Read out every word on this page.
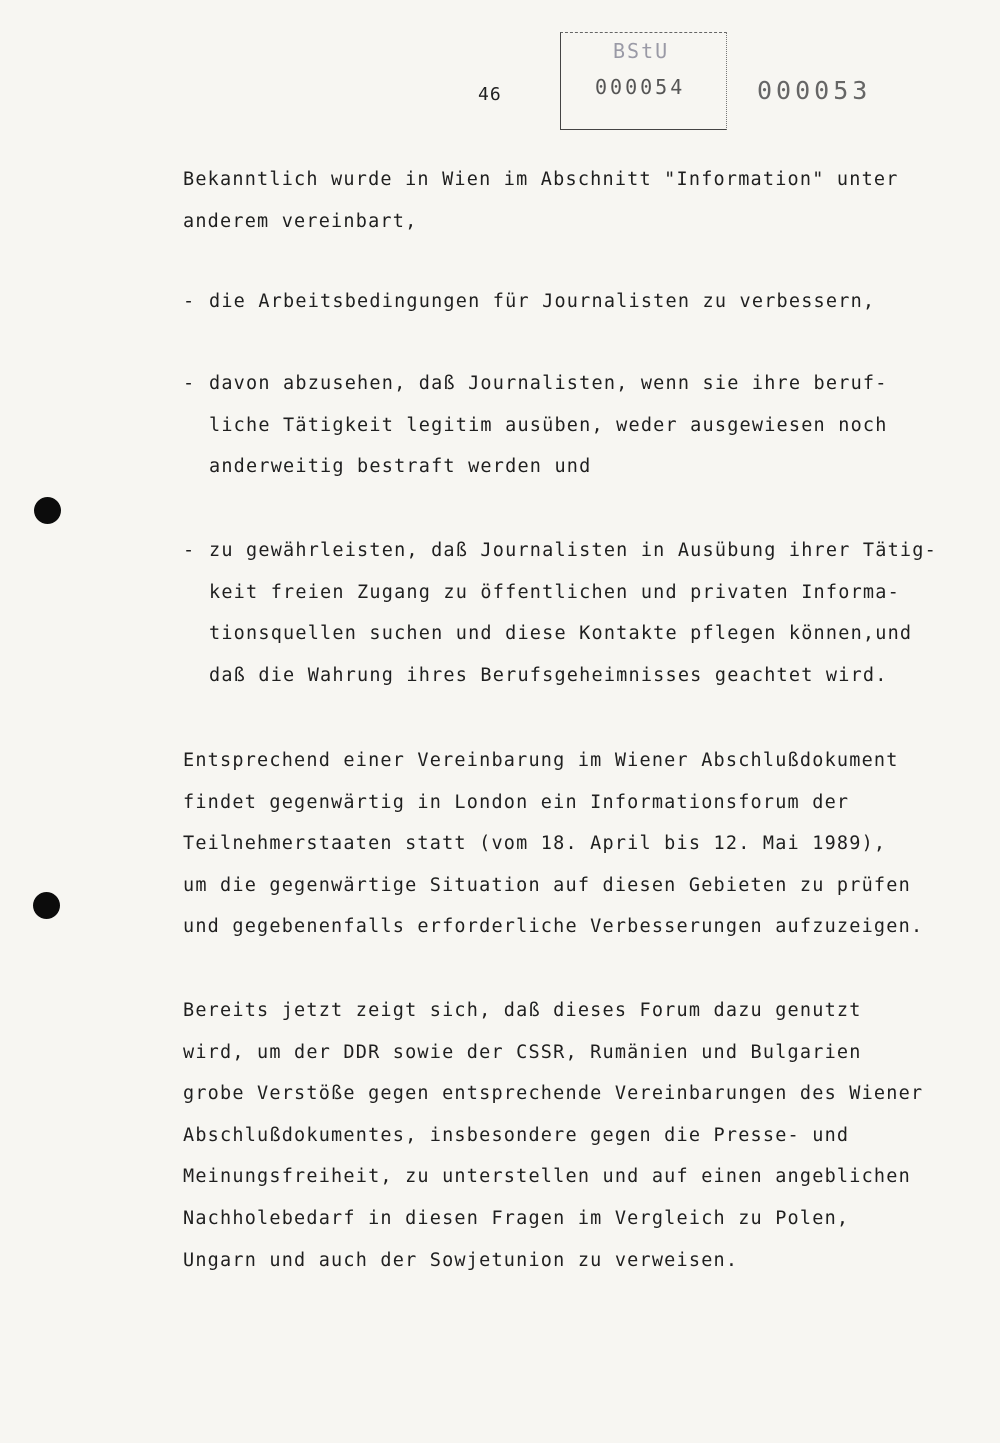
46
BStU
000054	000053

Bekanntlich wurde in Wien im Abschnitt "Information" unter

anderem vereinbart,

- die Arbeitsbedingungen für Journalisten zu verbessern,

- davon abzusehen, daß Journalisten, wenn sie ihre beruf-

liche Tätigkeit legitim ausüben, weder ausgewiesen noch

anderweitig bestraft werden und

- zu gewährleisten, daß Journalisten in Ausübung ihrer Tätig-

keit freien Zugang zu öffentlichen und privaten Informa-

tionsquellen suchen und diese Kontakte pflegen können,und

daß die Wahrung ihres Berufsgeheimnisses geachtet wird.

Entsprechend einer Vereinbarung im Wiener Abschlußdokument

findet gegenwärtig in London ein Informationsforum der

Teilnehmerstaaten statt (vom 18. April bis 12. Mai 1989),

um die gegenwärtige Situation auf diesen Gebieten zu prüfen

und gegebenenfalls erforderliche Verbesserungen aufzuzeigen.

Bereits jetzt zeigt sich, daß dieses Forum dazu genutzt

wird, um der DDR sowie der CSSR, Rumänien und Bulgarien

grobe Verstöße gegen entsprechende Vereinbarungen des Wiener

Abschlußdokumentes, insbesondere gegen die Presse- und

Meinungsfreiheit, zu unterstellen und auf einen angeblichen

Nachholebedarf in diesen Fragen im Vergleich zu Polen,

Ungarn und auch der Sowjetunion zu verweisen.
